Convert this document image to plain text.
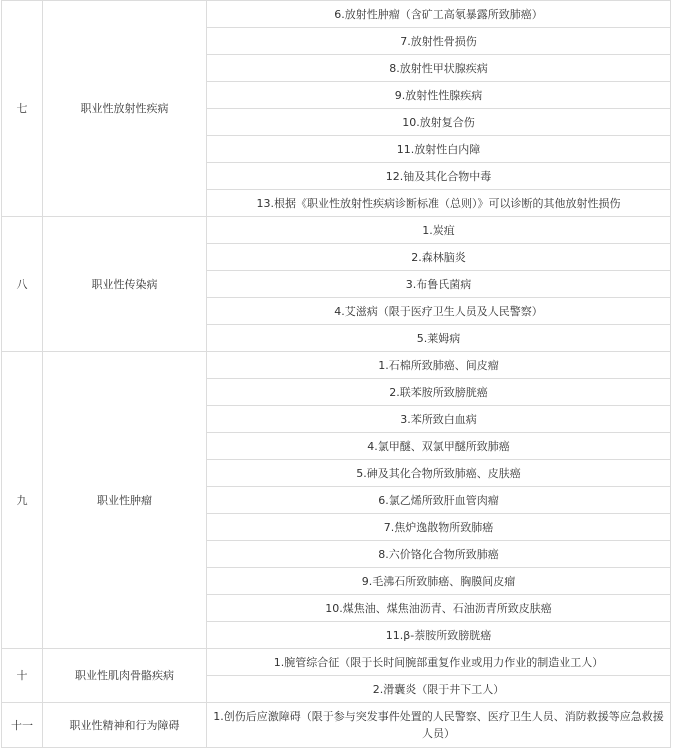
七	职业性放射性疾病	6.放射性肿瘤（含矿工高氡暴露所致肺癌）
		7.放射性骨损伤
		8.放射性甲状腺疾病
		9.放射性性腺疾病
		10.放射复合伤
		11.放射性白内障
		12.铀及其化合物中毒
		13.根据《职业性放射性疾病诊断标准（总则）》可以诊断的其他放射性损伤
八	职业性传染病	1.炭疽
		2.森林脑炎
		3.布鲁氏菌病
		4.艾滋病（限于医疗卫生人员及人民警察）
		5.莱姆病
九	职业性肿瘤	1.石棉所致肺癌、间皮瘤
		2.联苯胺所致膀胱癌
		3.苯所致白血病
		4.氯甲醚、双氯甲醚所致肺癌
		5.砷及其化合物所致肺癌、皮肤癌
		6.氯乙烯所致肝血管肉瘤
		7.焦炉逸散物所致肺癌
		8.六价铬化合物所致肺癌
		9.毛沸石所致肺癌、胸膜间皮瘤
		10.煤焦油、煤焦油沥青、石油沥青所致皮肤癌
		11.β-萘胺所致膀胱癌
十	职业性肌肉骨骼疾病	1.腕管综合征（限于长时间腕部重复作业或用力作业的制造业工人）
		2.滑囊炎（限于井下工人）
十一	职业性精神和行为障碍	1.创伤后应激障碍（限于参与突发事件处置的人民警察、医疗卫生人员、消防救援等应急救援人员）
